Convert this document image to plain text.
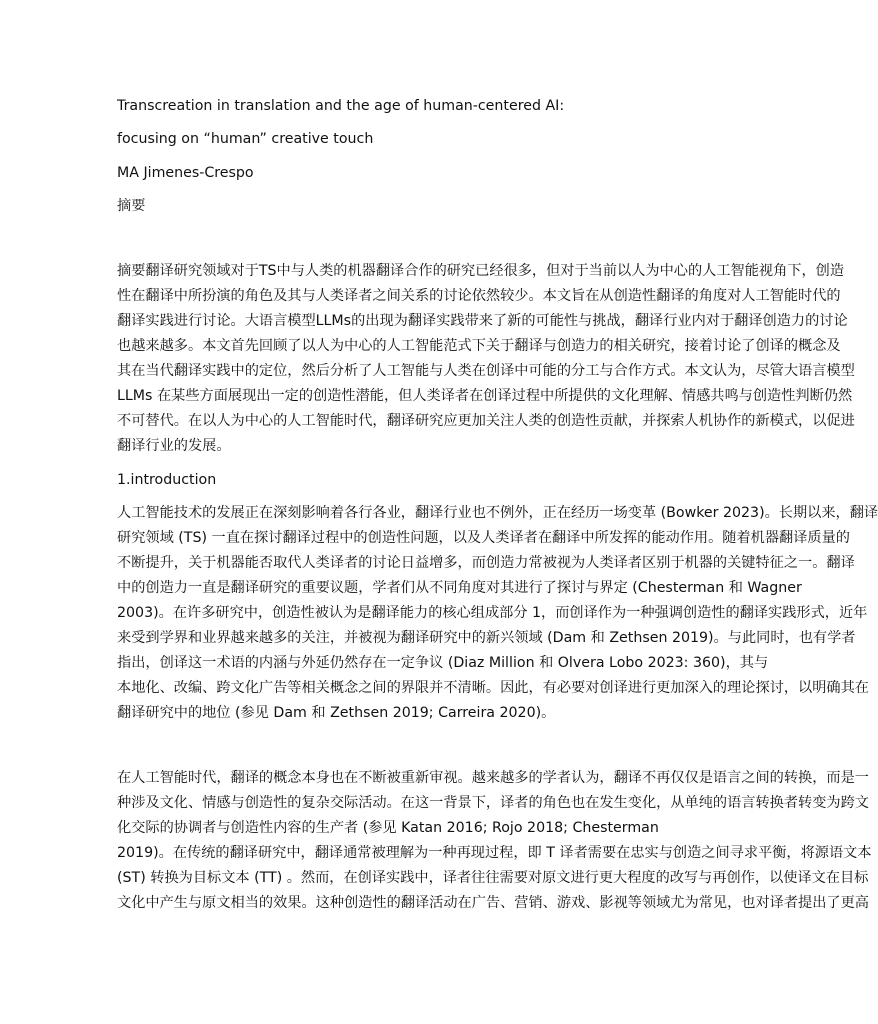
Transcreation in translation and the age of human-centered AI:
focusing on “human” creative touch
MA Jimenes-Crespo
摘要
摘要翻译研究领域对于TS中与人类的机器翻译合作的研究已经很多，但对于当前以人为中心的人工智能视角下，创造
性在翻译中所扮演的角色及其与人类译者之间关系的讨论依然较少。本文旨在从创造性翻译的角度对人工智能时代的
翻译实践进行讨论。大语言模型LLMs的出现为翻译实践带来了新的可能性与挑战，翻译行业内对于翻译创造力的讨论
也越来越多。本文首先回顾了以人为中心的人工智能范式下关于翻译与创造力的相关研究，接着讨论了创译的概念及
其在当代翻译实践中的定位，然后分析了人工智能与人类在创译中可能的分工与合作方式。本文认为，尽管大语言模型
LLMs 在某些方面展现出一定的创造性潜能，但人类译者在创译过程中所提供的文化理解、情感共鸣与创造性判断仍然
不可替代。在以人为中心的人工智能时代，翻译研究应更加关注人类的创造性贡献，并探索人机协作的新模式，以促进
翻译行业的发展。
1.introduction
人工智能技术的发展正在深刻影响着各行各业，翻译行业也不例外，正在经历一场变革 (Bowker 2023)。长期以来，翻译
研究领域 (TS) 一直在探讨翻译过程中的创造性问题，以及人类译者在翻译中所发挥的能动作用。随着机器翻译质量的
不断提升，关于机器能否取代人类译者的讨论日益增多，而创造力常被视为人类译者区别于机器的关键特征之一。翻译
中的创造力一直是翻译研究的重要议题，学者们从不同角度对其进行了探讨与界定 (Chesterman 和 Wagner
2003)。在许多研究中，创造性被认为是翻译能力的核心组成部分 1，而创译作为一种强调创造性的翻译实践形式，近年
来受到学界和业界越来越多的关注，并被视为翻译研究中的新兴领域 (Dam 和 Zethsen 2019)。与此同时，也有学者
指出，创译这一术语的内涵与外延仍然存在一定争议 (Diaz Million 和 Olvera Lobo 2023: 360)，其与
本地化、改编、跨文化广告等相关概念之间的界限并不清晰。因此，有必要对创译进行更加深入的理论探讨，以明确其在
翻译研究中的地位 (参见 Dam 和 Zethsen 2019; Carreira 2020)。
在人工智能时代，翻译的概念本身也在不断被重新审视。越来越多的学者认为，翻译不再仅仅是语言之间的转换，而是一
种涉及文化、情感与创造性的复杂交际活动。在这一背景下，译者的角色也在发生变化，从单纯的语言转换者转变为跨文
化交际的协调者与创造性内容的生产者 (参见 Katan 2016; Rojo 2018; Chesterman
2019)。在传统的翻译研究中，翻译通常被理解为一种再现过程，即 T 译者需要在忠实与创造之间寻求平衡，将源语文本
(ST) 转换为目标文本 (TT) 。然而，在创译实践中，译者往往需要对原文进行更大程度的改写与再创作，以使译文在目标
文化中产生与原文相当的效果。这种创造性的翻译活动在广告、营销、游戏、影视等领域尤为常见，也对译者提出了更高
